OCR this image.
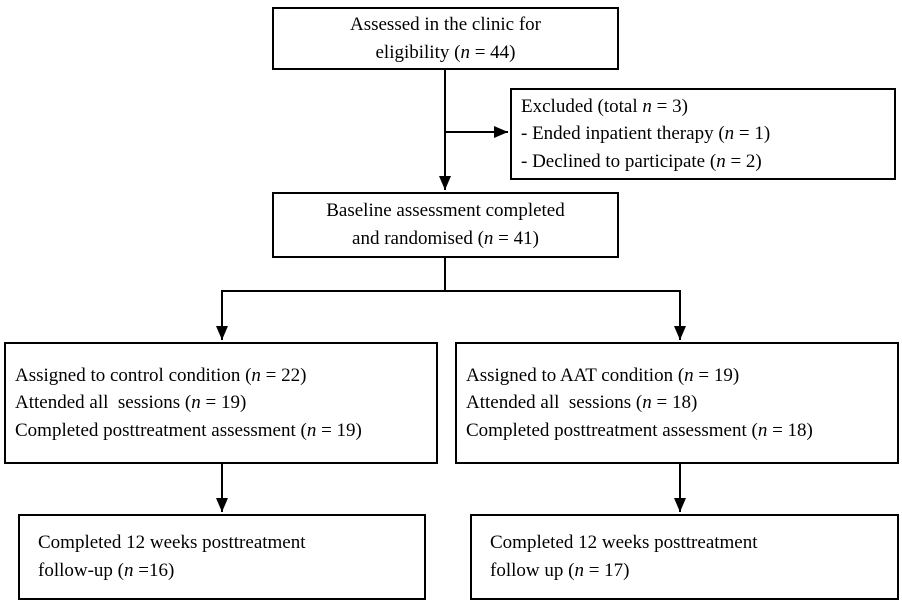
Assessed in the clinic for
eligibility (n = 44)
Excluded (total n = 3)
- Ended inpatient therapy (n = 1)
- Declined to participate (n = 2)
Baseline assessment completed
and randomised (n = 41)
Assigned to control condition (n = 22)
Attended all  sessions (n = 19)
Completed posttreatment assessment (n = 19)
Assigned to AAT condition (n = 19)
Attended all  sessions (n = 18)
Completed posttreatment assessment (n = 18)
Completed 12 weeks posttreatment
follow-up (n =16)
Completed 12 weeks posttreatment
follow up (n = 17)
